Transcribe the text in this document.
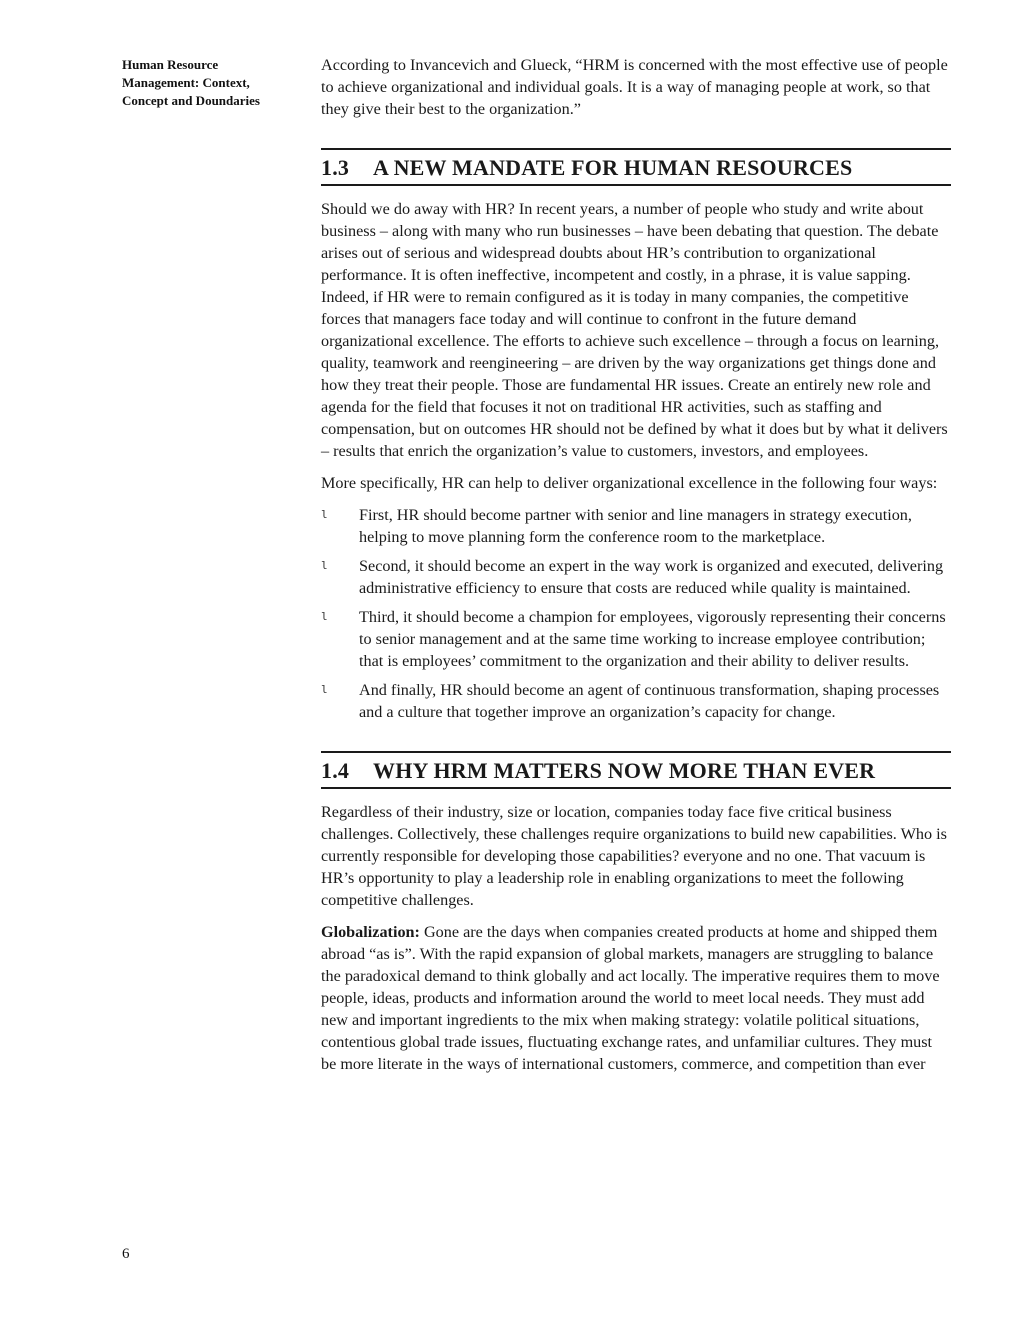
Human Resource
Management: Context,
Concept and Doundaries
6

According to Invancevich and Glueck, “HRM is concerned with the most effective use of people to achieve organizational and individual goals. It is a way of managing people at work, so that they give their best to the organization.”

1.3 A NEW MANDATE FOR HUMAN RESOURCES

Should we do away with HR? In recent years, a number of people who study and write about business – along with many who run businesses – have been debating that question. The debate arises out of serious and widespread doubts about HR’s contribution to organizational performance. It is often ineffective, incompetent and costly, in a phrase, it is value sapping. Indeed, if HR were to remain configured as it is today in many companies, the competitive forces that managers face today and will continue to confront in the future demand organizational excellence. The efforts to achieve such excellence – through a focus on learning, quality, teamwork and reengineering – are driven by the way organizations get things done and how they treat their people. Those are fundamental HR issues. Create an entirely new role and agenda for the field that focuses it not on traditional HR activities, such as staffing and compensation, but on outcomes HR should not be defined by what it does but by what it delivers – results that enrich the organization’s value to customers, investors, and employees.

More specifically, HR can help to deliver organizational excellence in the following four ways:

l First, HR should become partner with senior and line managers in strategy execution, helping to move planning form the conference room to the marketplace.
l Second, it should become an expert in the way work is organized and executed, delivering administrative efficiency to ensure that costs are reduced while quality is maintained.
l Third, it should become a champion for employees, vigorously representing their concerns to senior management and at the same time working to increase employee contribution; that is employees’ commitment to the organization and their ability to deliver results.
l And finally, HR should become an agent of continuous transformation, shaping processes and a culture that together improve an organization’s capacity for change.
1.4 WHY HRM MATTERS NOW MORE THAN EVER

Regardless of their industry, size or location, companies today face five critical business challenges. Collectively, these challenges require organizations to build new capabilities. Who is currently responsible for developing those capabilities? everyone and no one. That vacuum is HR’s opportunity to play a leadership role in enabling organizations to meet the following competitive challenges.

Globalization: Gone are the days when companies created products at home and shipped them abroad “as is”. With the rapid expansion of global markets, managers are struggling to balance the paradoxical demand to think globally and act locally. The imperative requires them to move people, ideas, products and information around the world to meet local needs. They must add new and important ingredients to the mix when making strategy: volatile political situations, contentious global trade issues, fluctuating exchange rates, and unfamiliar cultures. They must be more literate in the ways of international customers, commerce, and competition than ever
